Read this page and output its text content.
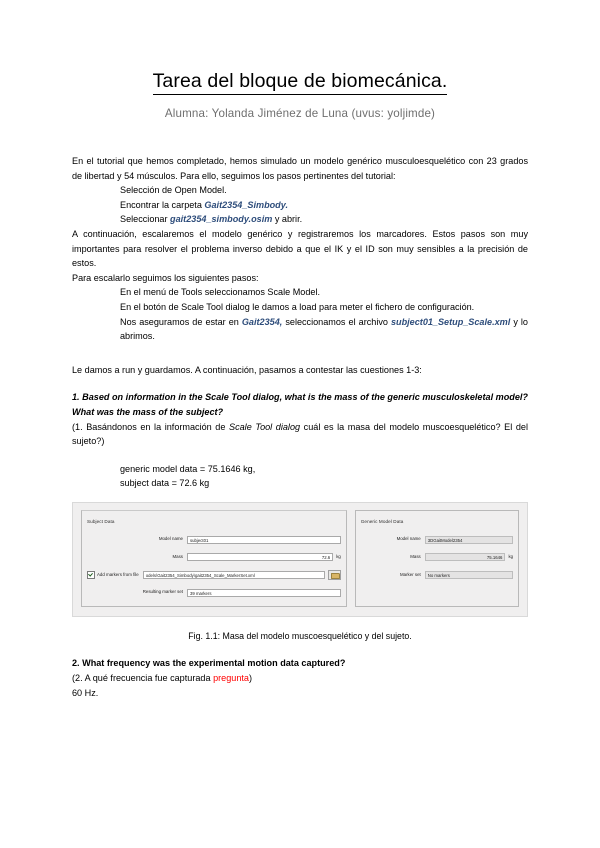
Tarea del bloque de biomecánica.

Alumna: Yolanda Jiménez de Luna (uvus: yoljimde)

En el tutorial que hemos completado, hemos simulado un modelo genérico musculoesquelético con 23 grados de libertad y 54 músculos. Para ello, seguimos los pasos pertinentes del tutorial:

Selección de Open Model.

Encontrar la carpeta Gait2354_Simbody.

Seleccionar gait2354_simbody.osim y abrir.

A continuación, escalaremos el modelo genérico y registraremos los marcadores. Estos pasos son muy importantes para resolver el problema inverso debido a que el IK y el ID son muy sensibles a la precisión de estos.

Para escalarlo seguimos los siguientes pasos:

En el menú de Tools seleccionamos Scale Model.

En el botón de Scale Tool dialog le damos a load para meter el fichero de configuración.

Nos aseguramos de estar en Gait2354, seleccionamos el archivo subject01_Setup_Scale.xml y lo abrimos.

Le damos a run y guardamos. A continuación, pasamos a contestar las cuestiones 1-3:

1. Based on information in the Scale Tool dialog, what is the mass of the generic musculoskeletal model? What was the mass of the subject?

(1. Basándonos en la información de Scale Tool dialog cuál es la masa del modelo muscoesquelético? El del sujeto?)

generic model data = 75.1646 kg,

subject data = 72.6 kg

Subject Data
Model name	subject01
Mass	72.6	kg
Add markers from file	odels\Gait2354_Simbody\gait2354_Scale_MarkerSet.xml
Resulting marker set	39 markers
Generic Model Data
Model name	3DGaitModel2354
Mass	75.1646	kg
Marker set	No markers

Fig. 1.1: Masa del modelo muscoesquelético y del sujeto.

2. What frequency was the experimental motion data captured?

(2. A qué frecuencia fue capturada pregunta)

60 Hz.
